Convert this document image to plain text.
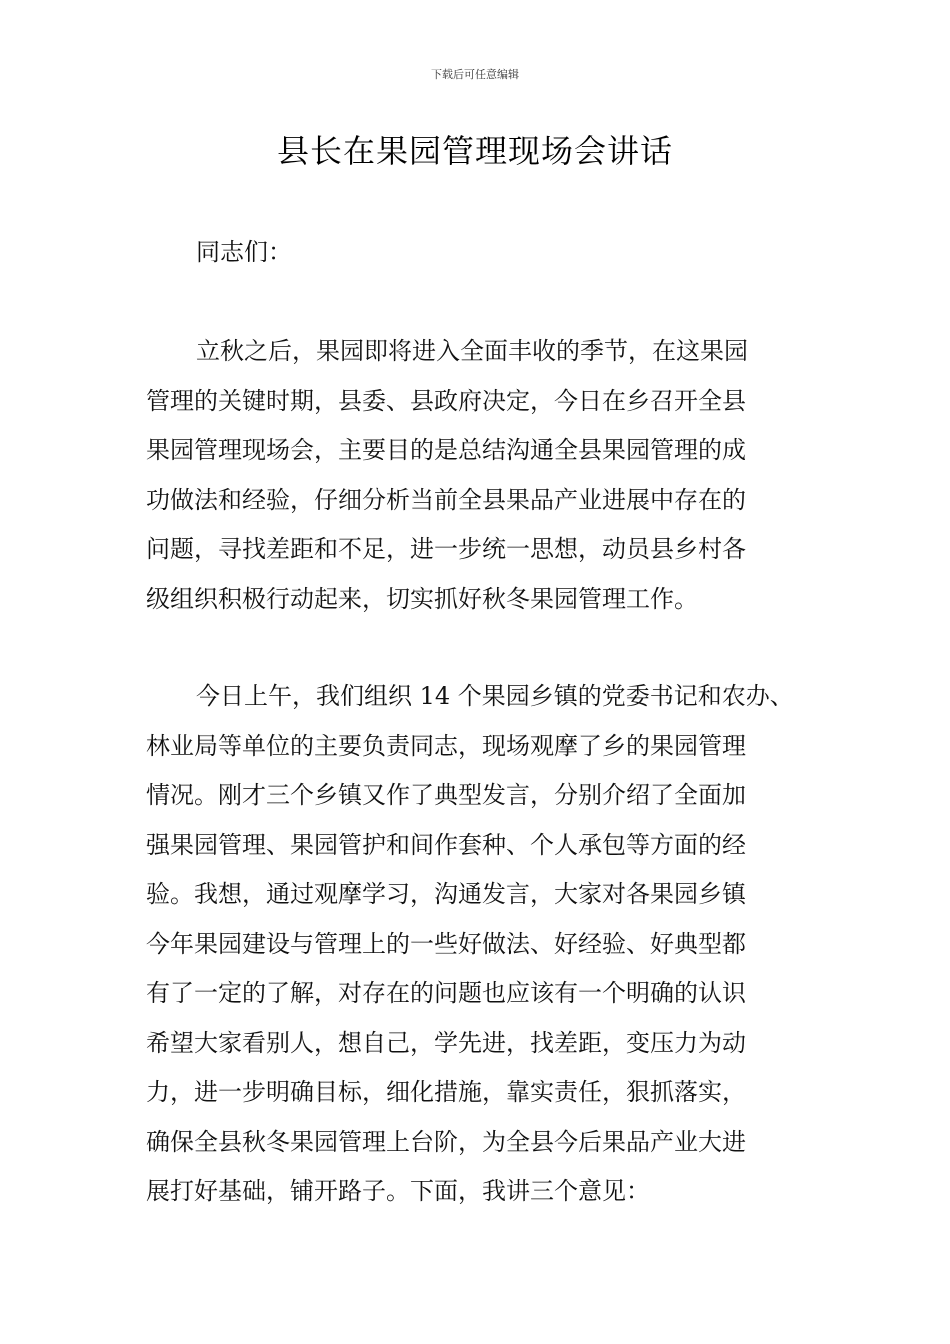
下载后可任意编辑
县长在果园管理现场会讲话

同志们：

立秋之后，果园即将进入全面丰收的季节，在这果园
管理的关键时期，县委、县政府决定，今日在乡召开全县
果园管理现场会，主要目的是总结沟通全县果园管理的成
功做法和经验，仔细分析当前全县果品产业进展中存在的
问题，寻找差距和不足，进一步统一思想，动员县乡村各
级组织积极行动起来，切实抓好秋冬果园管理工作。

今日上午，我们组织 14 个果园乡镇的党委书记和农办、
林业局等单位的主要负责同志，现场观摩了乡的果园管理
情况。刚才三个乡镇又作了典型发言，分别介绍了全面加
强果园管理、果园管护和间作套种、个人承包等方面的经
验。我想，通过观摩学习，沟通发言，大家对各果园乡镇
今年果园建设与管理上的一些好做法、好经验、好典型都
有了一定的了解，对存在的问题也应该有一个明确的认识
希望大家看别人，想自己，学先进，找差距，变压力为动
力，进一步明确目标，细化措施，靠实责任，狠抓落实，
确保全县秋冬果园管理上台阶，为全县今后果品产业大进
展打好基础，铺开路子。下面，我讲三个意见：
